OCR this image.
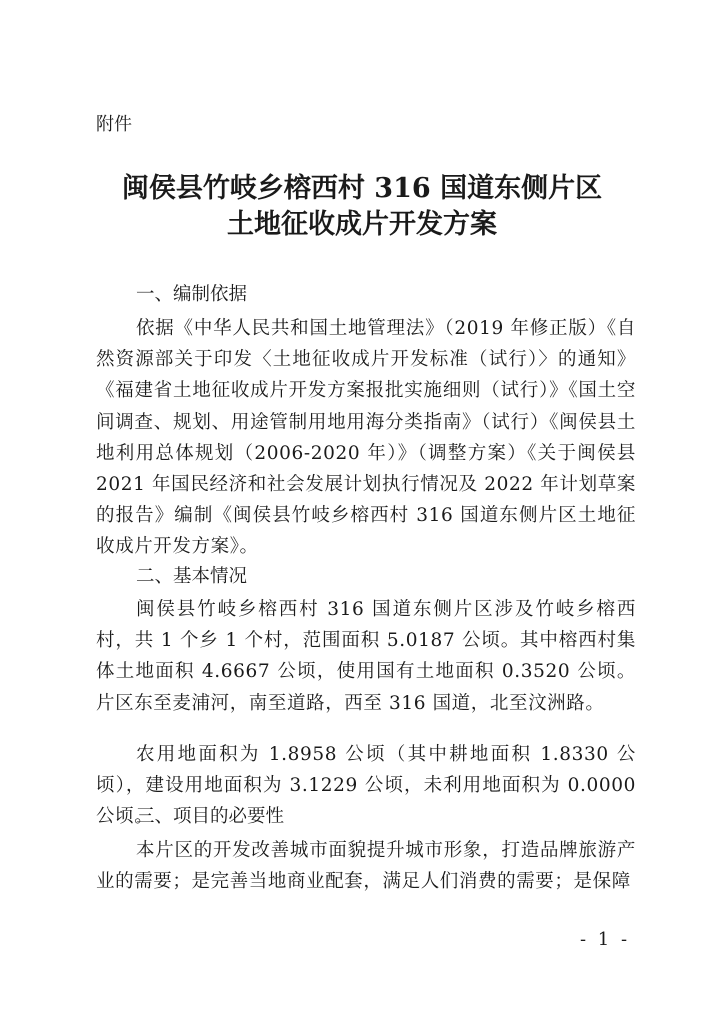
附件

闽侯县竹岐乡榕西村 316 国道东侧片区
土地征收成片开发方案
一、编制依据

依据《中华人民共和国土地管理法》（2019 年修正版）《自然资源部关于印发〈土地征收成片开发标准（试行）〉的通知》《福建省土地征收成片开发方案报批实施细则（试行）》《国土空间调查、规划、用途管制用地用海分类指南》（试行）《闽侯县土地利用总体规划（2006-2020 年）》（调整方案）《关于闽侯县 2021 年国民经济和社会发展计划执行情况及 2022 年计划草案的报告》编制《闽侯县竹岐乡榕西村 316 国道东侧片区土地征收成片开发方案》。

二、基本情况

闽侯县竹岐乡榕西村 316 国道东侧片区涉及竹岐乡榕西村，共 1 个乡 1 个村，范围面积 5.0187 公顷。其中榕西村集体土地面积 4.6667 公顷，使用国有土地面积 0.3520 公顷。片区东至麦浦河，南至道路，西至 316 国道，北至汶洲路。

农用地面积为 1.8958 公顷（其中耕地面积 1.8330 公顷），建设用地面积为 3.1229 公顷，未利用地面积为 0.0000 公顷。

三、项目的必要性

本片区的开发改善城市面貌提升城市形象，打造品牌旅游产业的需要；是完善当地商业配套，满足人们消费的需要；是保障

- 1 -
